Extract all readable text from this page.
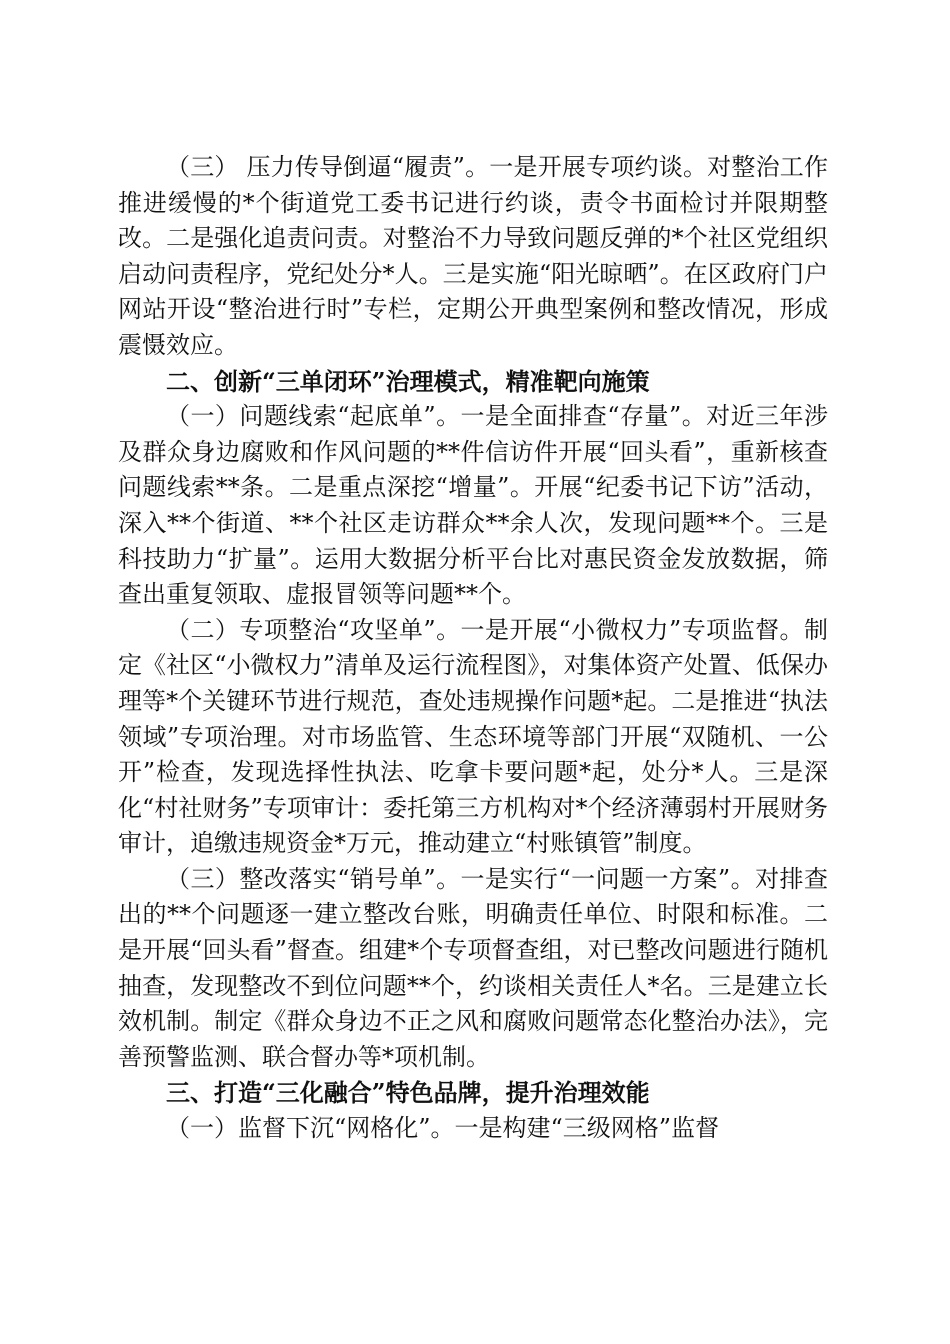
（三） 压力传导倒逼“履责”。一是开展专项约谈。对整治工作推进缓慢的*个街道党工委书记进行约谈，责令书面检讨并限期整改。二是强化追责问责。对整治不力导致问题反弹的*个社区党组织启动问责程序，党纪处分*人。三是实施“阳光晾晒”。在区政府门户网站开设“整治进行时”专栏，定期公开典型案例和整改情况，形成震慑效应。

二、创新“三单闭环”治理模式，精准靶向施策

（一）问题线索“起底单”。一是全面排查“存量”。对近三年涉及群众身边腐败和作风问题的**件信访件开展“回头看”，重新核查问题线索**条。二是重点深挖“增量”。开展“纪委书记下访”活动，深入**个街道、**个社区走访群众**余人次，发现问题**个。三是科技助力“扩量”。运用大数据分析平台比对惠民资金发放数据，筛查出重复领取、虚报冒领等问题**个。

（二）专项整治“攻坚单”。一是开展“小微权力”专项监督。制定《社区“小微权力”清单及运行流程图》，对集体资产处置、低保办理等*个关键环节进行规范，查处违规操作问题*起。二是推进“执法领域”专项治理。对市场监管、生态环境等部门开展“双随机、一公开”检查，发现选择性执法、吃拿卡要问题*起，处分*人。三是深化“村社财务”专项审计：委托第三方机构对*个经济薄弱村开展财务审计，追缴违规资金*万元，推动建立“村账镇管”制度。

（三）整改落实“销号单”。一是实行“一问题一方案”。对排查出的**个问题逐一建立整改台账，明确责任单位、时限和标准。二是开展“回头看”督查。组建*个专项督查组，对已整改问题进行随机抽查，发现整改不到位问题**个，约谈相关责任人*名。三是建立长效机制。制定《群众身边不正之风和腐败问题常态化整治办法》，完善预警监测、联合督办等*项机制。

三、打造“三化融合”特色品牌，提升治理效能

（一）监督下沉“网格化”。一是构建“三级网格”监督
